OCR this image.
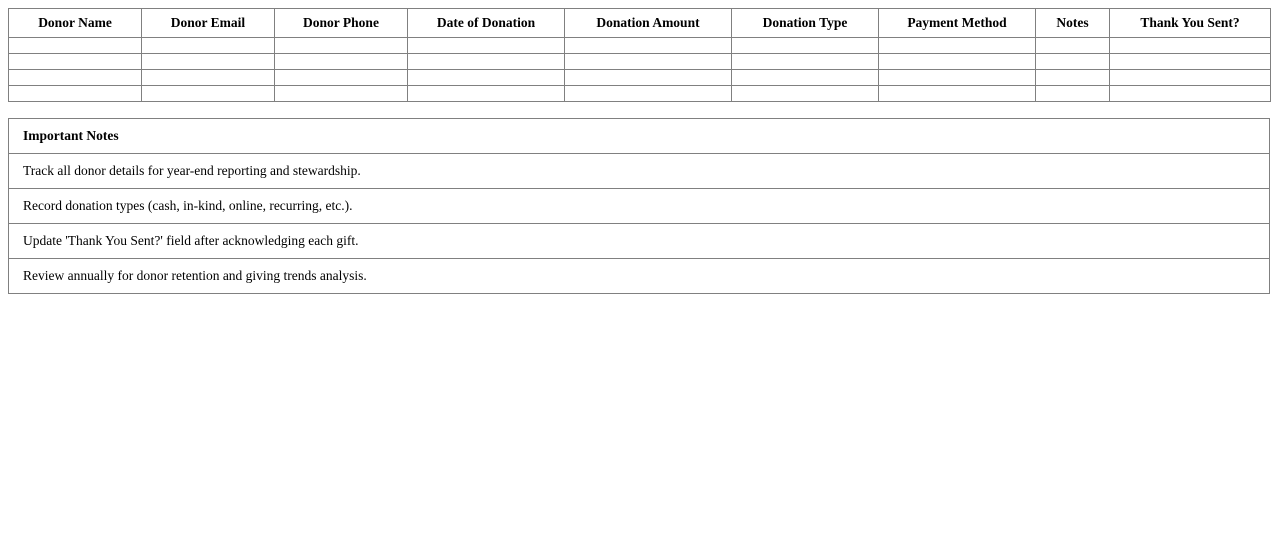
Donor Name	Donor Email	Donor Phone	Date of Donation	Donation Amount	Donation Type	Payment Method	Notes	Thank You Sent?

Important Notes
Track all donor details for year-end reporting and stewardship.
Record donation types (cash, in-kind, online, recurring, etc.).
Update 'Thank You Sent?' field after acknowledging each gift.
Review annually for donor retention and giving trends analysis.
